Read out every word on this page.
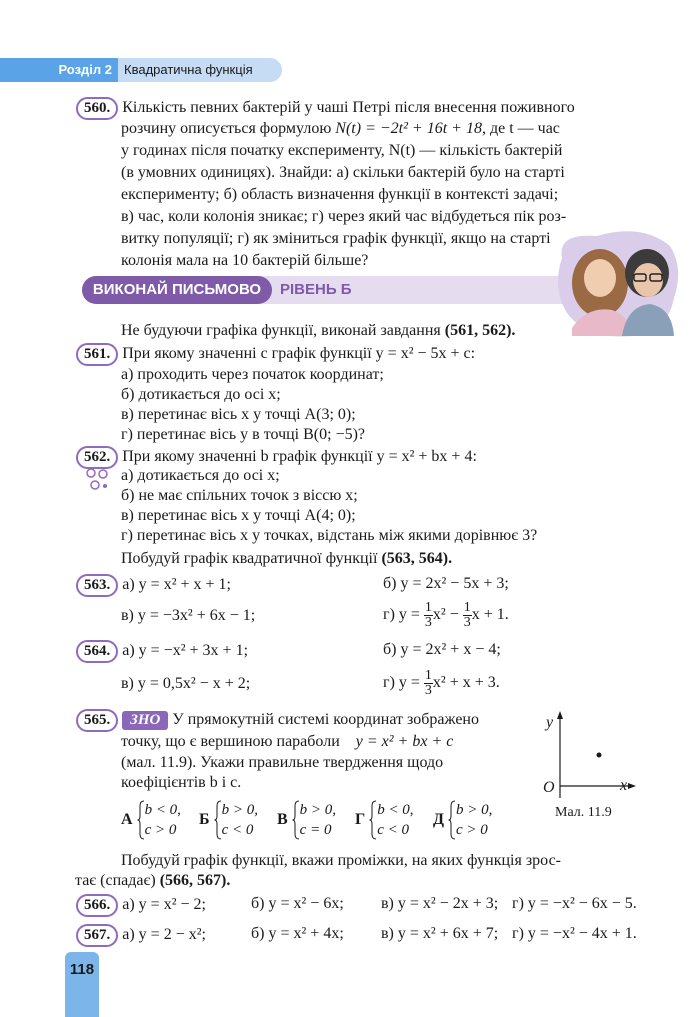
Розділ 2 Квадратична функція
560. Кількість певних бактерій у чаші Петрі після внесення поживного
розчину описується формулою N(t) = −2t² + 16t + 18, де t — час
у годинах після початку експерименту, N(t) — кількість бактерій
(в умовних одиницях). Знайди: а) скільки бактерій було на старті
експерименту; б) область визначення функції в контексті задачі;
в) час, коли колонія зникає; г) через який час відбудеться пік роз-
витку популяції; г) як зміниться графік функції, якщо на старті
колонія мала на 10 бактерій більше?
ВИКОНАЙ ПИСЬМОВО	РІВЕНЬ Б
Не будуючи графіка функції, виконай завдання (561, 562).
561. При якому значенні c графік функції y = x² − 5x + c:
а) проходить через початок координат;
б) дотикається до осі x;
в) перетинає вісь x у точці A(3; 0);
г) перетинає вісь y в точці B(0; −5)?
562. При якому значенні b графік функції y = x² + bx + 4:
а) дотикається до осі x;
б) не має спільних точок з віссю x;
в) перетинає вісь x у точці A(4; 0);
г) перетинає вісь x у точках, відстань між якими дорівнює 3?
Побудуй графік квадратичної функції (563, 564).
563. а) y = x² + x + 1;	б) y = 2x² − 5x + 3;
в) y = −3x² + 6x − 1;	г) $y = \frac{1}{3} x^2 - \frac{1}{3}$ x + 1.
564. а) y = −x² + 3x + 1;	б) y = 2x² + x − 4;
в) y = 0,5x² − x + 2;	г) $y = \frac{1}{3} x^2 + x + 3$.
565. ЗНО У прямокутній системі координат зображено
точку, що є вершиною параболи y = x² + bx + c
(мал. 11.9). Укажи правильне твердження щодо
коефіцієнтів b і c.
А
b < 0,
c > 0
Б
b > 0,
c < 0
В
b > 0,
c = 0
Г
b < 0,
c < 0
Д
b > 0,
c > 0
y
x
O
Мал. 11.9
Побудуй графік функції, вкажи проміжки, на яких функція зрос-
тає (спадає) (566, 567).
566. а) y = x² − 2;	б) y = x² − 6x; в) y = x² − 2x + 3; г) y = −x² − 6x − 5.
567. а) y = 2 − x²;	б) y = x² + 4x; в) y = x² + 6x + 7; г) y = −x² − 4x + 1.
118
